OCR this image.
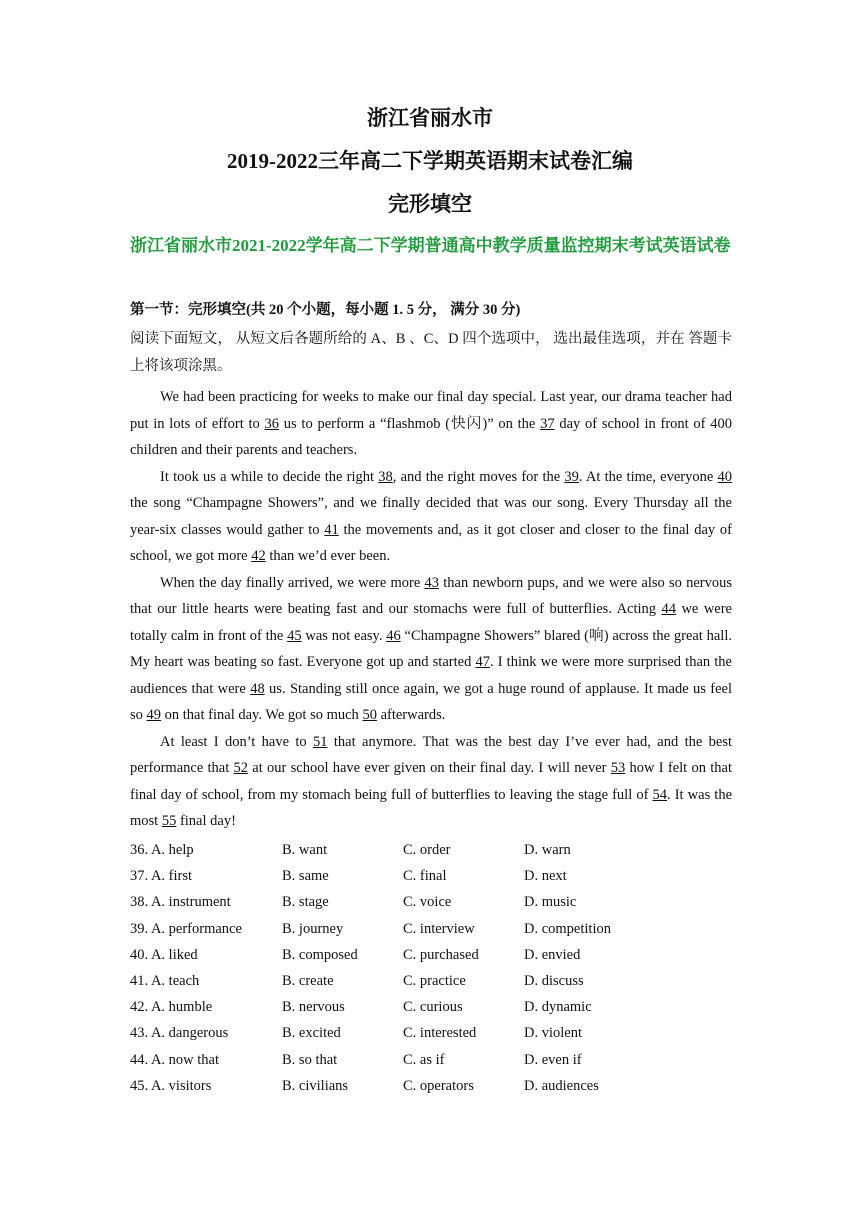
浙江省丽水市
2019-2022三年高二下学期英语期末试卷汇编
完形填空
浙江省丽水市2021-2022学年高二下学期普通高中教学质量监控期末考试英语试卷
第一节：完形填空(共 20 个小题，每小题 1. 5 分， 满分 30 分)
阅读下面短文， 从短文后各题所给的 A、B 、C、D 四个选项中， 选出最佳选项，并在 答题卡上将该项涂黑。

We had been practicing for weeks to make our final day special. Last year, our drama teacher had put in lots of effort to 36 us to perform a “flashmob (快闪)” on the 37 day of school in front of 400 children and their parents and teachers.

It took us a while to decide the right 38, and the right moves for the 39. At the time, everyone 40 the song “Champagne Showers”, and we finally decided that was our song. Every Thursday all the year-six classes would gather to 41 the movements and, as it got closer and closer to the final day of school, we got more 42 than we’d ever been.

When the day finally arrived, we were more 43 than newborn pups, and we were also so nervous that our little hearts were beating fast and our stomachs were full of butterflies. Acting 44 we were totally calm in front of the 45 was not easy. 46 “Champagne Showers” blared (响) across the great hall. My heart was beating so fast. Everyone got up and started 47. I think we were more surprised than the audiences that were 48 us. Standing still once again, we got a huge round of applause. It made us feel so 49 on that final day. We got so much 50 afterwards.

At least I don’t have to 51 that anymore. That was the best day I’ve ever had, and the best performance that 52 at our school have ever given on their final day. I will never 53 how I felt on that final day of school, from my stomach being full of butterflies to leaving the stage full of 54. It was the most 55 final day!

36. A. help	B. want	C. order	D. warn
37. A. first	B. same	C. final	D. next
38. A. instrument	B. stage	C. voice	D. music
39. A. performance	B. journey	C. interview	D. competition
40. A. liked	B. composed	C. purchased	D. envied
41. A. teach	B. create	C. practice	D. discuss
42. A. humble	B. nervous	C. curious	D. dynamic
43. A. dangerous	B. excited	C. interested	D. violent
44. A. now that	B. so that	C. as if	D. even if
45. A. visitors	B. civilians	C. operators	D. audiences
